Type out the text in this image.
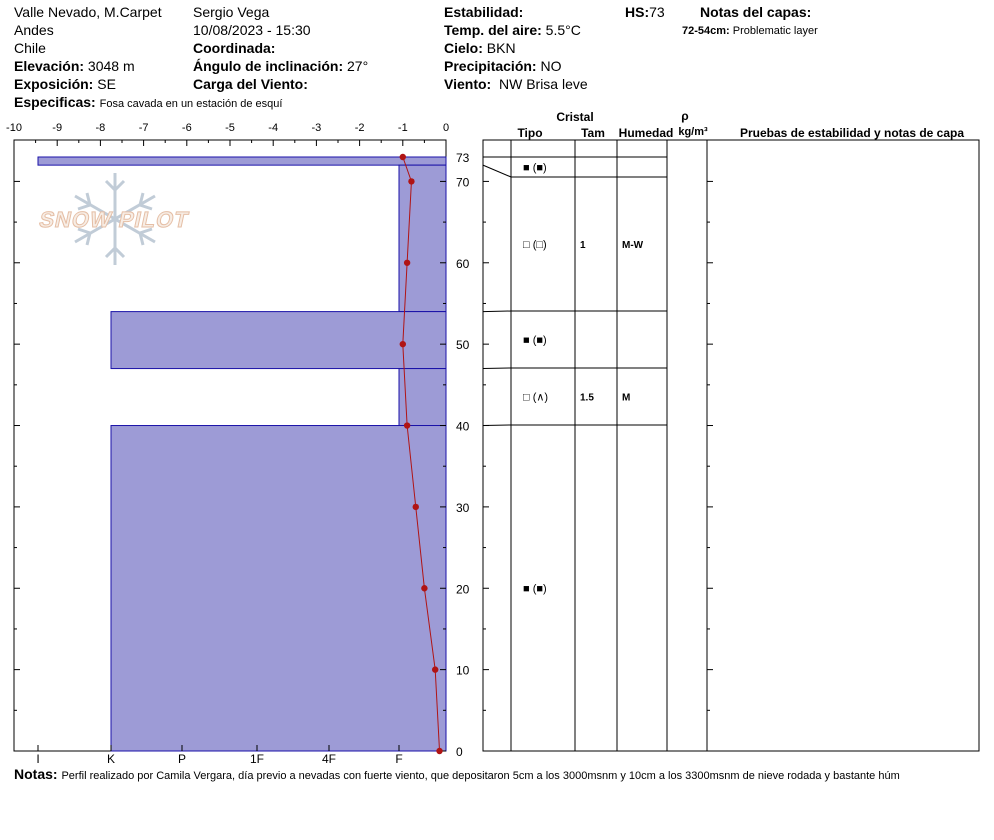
Valle Nevado, M.Carpet
Andes
Chile
Elevación: 3048 m
Exposición: SE
Especificas: Fosa cavada en un estación de esquí
Sergio Vega
10/08/2023 - 15:30
Coordinada:
Ángulo de inclinación: 27°
Carga del Viento:
Estabilidad:
Temp. del aire: 5.5°C
Cielo: BKN
Precipitación: NO
Viento: NW Brisa leve
HS:73	Notas del capas:
72-54cm: Problematic layer
SNOW PILOT
-10	-9	-8	-7	-6	-5	-4	-3	-2	-1	0
I	K	P	1F	4F	F
73
70
60
50
40
30
20
10
0
Cristal
Tipo	Tam Humedad
ρ
kg/m³	Pruebas de estabilidad y notas de capa
■ (■)
□ (□)	1	M-W
■ (■)
□ (∧)	1.5	M
■ (■)
Notas: Perfil realizado por Camila Vergara, día previo a nevadas con fuerte viento, que depositaron 5cm a los 3000msnm y 10cm a los 3300msnm de nieve rodada y bastante húm
